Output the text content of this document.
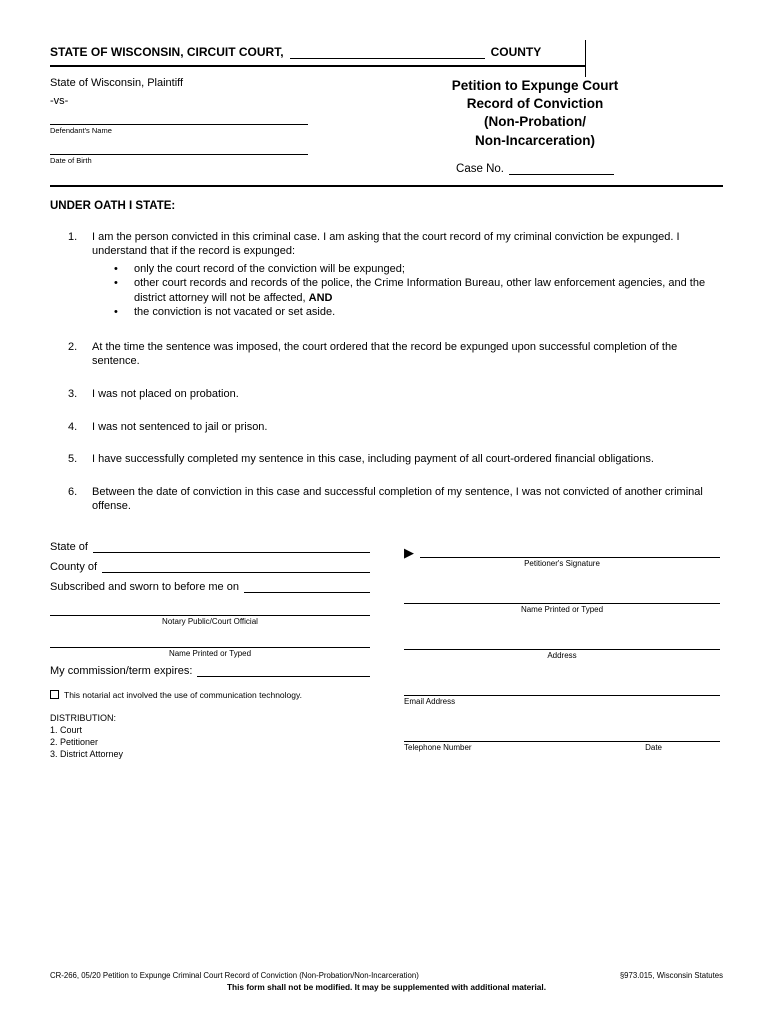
STATE OF WISCONSIN, CIRCUIT COURT,	COUNTY
State of Wisconsin, Plaintiff
-vs-
Defendant's Name
Date of Birth
Petition to Expunge Court
Record of Conviction
(Non-Probation/
Non-Incarceration)
Case No.
UNDER OATH I STATE:
1.	I am the person convicted in this criminal case. I am asking that the court record of my criminal conviction be expunged. I understand that if the record is expunged:
•	only the court record of the conviction will be expunged;
•	other court records and records of the police, the Crime Information Bureau, other law enforcement agencies, and the district attorney will not be affected, AND
•	the conviction is not vacated or set aside.
2.	At the time the sentence was imposed, the court ordered that the record be expunged upon successful completion of the sentence.
3.	I was not placed on probation.
4.	I was not sentenced to jail or prison.
5.	I have successfully completed my sentence in this case, including payment of all court-ordered financial obligations.
6.	Between the date of conviction in this case and successful completion of my sentence, I was not convicted of another criminal offense.
State of
County of
Subscribed and sworn to before me on
Notary Public/Court Official
Name Printed or Typed
My commission/term expires:
This notarial act involved the use of communication technology.
DISTRIBUTION:
1. Court
2. Petitioner
3. District Attorney
▶
Petitioner's Signature
Name Printed or Typed
Address
Email Address
Telephone Number	Date
CR-266, 05/20 Petition to Expunge Criminal Court Record of Conviction (Non-Probation/Non-Incarceration)	§973.015, Wisconsin Statutes
This form shall not be modified. It may be supplemented with additional material.
